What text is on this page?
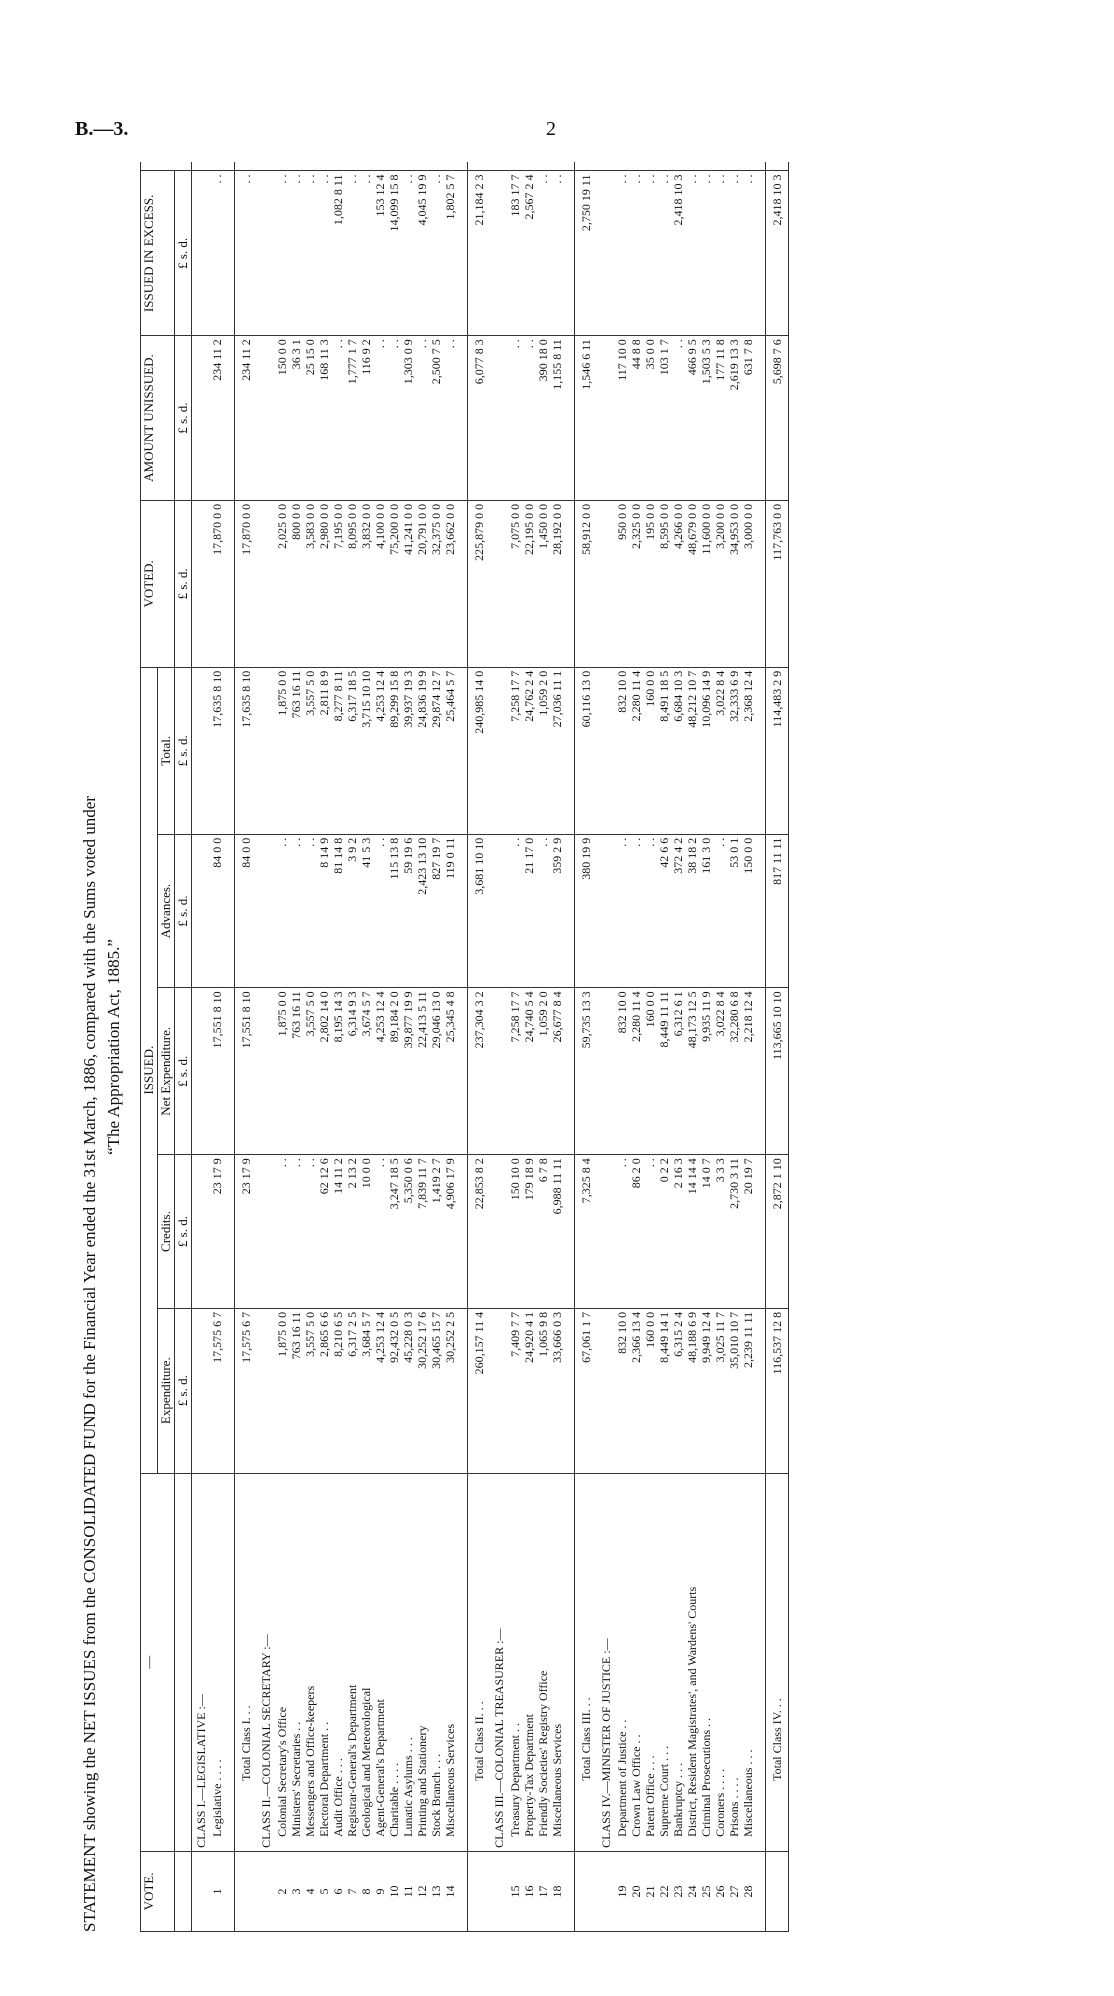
B.—3.	2
STATEMENT showing the NET ISSUES from the CONSOLIDATED FUND for the Financial Year ended the 31st March, 1886, compared with the Sums voted under “The Appropriation Act, 1885.”
VOTE.	—	ISSUED.					VOTED.	AMOUNT UNISSUED.	ISSUED IN EXCESS.	
		Expenditure.	Credits.	Net Expenditure.	Advances.	Total.				
		£ s. d.	£ s. d.	£ s. d.	£ s. d.	£ s. d.	£ s. d.	£ s. d.	£ s. d.	
	CLASS I.—LEGISLATIVE :—									
1	Legislative . . . .	17,575 6 7	23 17 9	17,551 8 10	84 0 0	17,635 8 10	17,870 0 0	234 11 2	. .	

	Total Class I. . .	17,575 6 7	23 17 9	17,551 8 10	84 0 0	17,635 8 10	17,870 0 0	234 11 2	. .	
	CLASS II.—COLONIAL SECRETARY :—									
2	Colonial Secretary's Office	1,875 0 0	. .	1,875 0 0	. .	1,875 0 0	2,025 0 0	150 0 0	. .	
3	Ministers' Secretaries . .	763 16 11	. .	763 16 11	. .	763 16 11	800 0 0	36 3 1	. .	
4	Messengers and Office-keepers	3,557 5 0	. .	3,557 5 0	. .	3,557 5 0	3,583 0 0	25 15 0	. .	
5	Electoral Department . .	2,865 6 6	62 12 6	2,802 14 0	8 14 9	2,811 8 9	2,980 0 0	168 11 3	. .	
6	Audit Office . . .	8,210 6 5	14 11 2	8,195 14 3	81 14 8	8,277 8 11	7,195 0 0	. .	1,082 8 11	
7	Registrar-General's Department	6,317 2 5	2 13 2	6,314 9 3	3 9 2	6,317 18 5	8,095 0 0	1,777 1 7	. .	
8	Geological and Meteorological	3,684 5 7	10 0 0	3,674 5 7	41 5 3	3,715 10 10	3,832 0 0	116 9 2	. .	
9	Agent-General's Department	4,253 12 4	. .	4,253 12 4	. .	4,253 12 4	4,100 0 0	. .	153 12 4	
10	Charitable . . . .	92,432 0 5	3,247 18 5	89,184 2 0	115 13 8	89,299 15 8	75,200 0 0	. .	14,099 15 8	
11	Lunatic Asylums . . .	45,228 0 3	5,350 0 6	39,877 19 9	59 19 6	39,937 19 3	41,241 0 0	1,303 0 9	. .	
12	Printing and Stationery	30,252 17 6	7,839 11 7	22,413 5 11	2,423 13 10	24,836 19 9	20,791 0 0	. .	4,045 19 9	
13	Stock Branch . . .	30,465 15 7	1,419 2 7	29,046 13 0	827 19 7	29,874 12 7	32,375 0 0	2,500 7 5	. .	
14	Miscellaneous Services	30,252 2 5	4,906 17 9	25,345 4 8	119 0 11	25,464 5 7	23,662 0 0	. .	1,802 5 7	

	Total Class II. . .	260,157 11 4	22,853 8 2	237,304 3 2	3,681 10 10	240,985 14 0	225,879 0 0	6,077 8 3	21,184 2 3	
	CLASS III.—COLONIAL TREASURER :—									
15	Treasury Department . .	7,409 7 7	150 10 0	7,258 17 7	. .	7,258 17 7	7,075 0 0	. .	183 17 7	
16	Property-Tax Department	24,920 4 1	179 18 9	24,740 5 4	21 17 0	24,762 2 4	22,195 0 0	. .	2,567 2 4	
17	Friendly Societies' Registry Office	1,065 9 8	6 7 8	1,059 2 0	. .	1,059 2 0	1,450 0 0	390 18 0	. .	
18	Miscellaneous Services	33,666 0 3	6,988 11 11	26,677 8 4	359 2 9	27,036 11 1	28,192 0 0	1,155 8 11	. .	

	Total Class III. . .	67,061 1 7	7,325 8 4	59,735 13 3	380 19 9	60,116 13 0	58,912 0 0	1,546 6 11	2,750 19 11	
	CLASS IV.—MINISTER OF JUSTICE :—									
19	Department of Justice . .	832 10 0	. .	832 10 0	. .	832 10 0	950 0 0	117 10 0	. .	
20	Crown Law Office . .	2,366 13 4	86 2 0	2,280 11 4	. .	2,280 11 4	2,325 0 0	44 8 8	. .	
21	Patent Office . . .	160 0 0	. .	160 0 0	. .	160 0 0	195 0 0	35 0 0	. .	
22	Supreme Court . . .	8,449 14 1	0 2 2	8,449 11 11	42 6 6	8,491 18 5	8,595 0 0	103 1 7	. .	
23	Bankruptcy . . .	6,315 2 4	2 16 3	6,312 6 1	372 4 2	6,684 10 3	4,266 0 0	. .	2,418 10 3	
24	District, Resident Magistrates', and Wardens' Courts	48,188 6 9	14 14 4	48,173 12 5	38 18 2	48,212 10 7	48,679 0 0	466 9 5	. .	
25	Criminal Prosecutions . .	9,949 12 4	14 0 7	9,935 11 9	161 3 0	10,096 14 9	11,600 0 0	1,503 5 3	. .	
26	Coroners . . . .	3,025 11 7	3 3 3	3,022 8 4	. .	3,022 8 4	3,200 0 0	177 11 8	. .	
27	Prisons . . . .	35,010 10 7	2,730 3 11	32,280 6 8	53 0 1	32,333 6 9	34,953 0 0	2,619 13 3	. .	
28	Miscellaneous . . .	2,239 11 11	20 19 7	2,218 12 4	150 0 0	2,368 12 4	3,000 0 0	631 7 8	. .	

	Total Class IV. . .	116,537 12 8	2,872 1 10	113,665 10 10	817 11 11	114,483 2 9	117,763 0 0	5,698 7 6	2,418 10 3	
